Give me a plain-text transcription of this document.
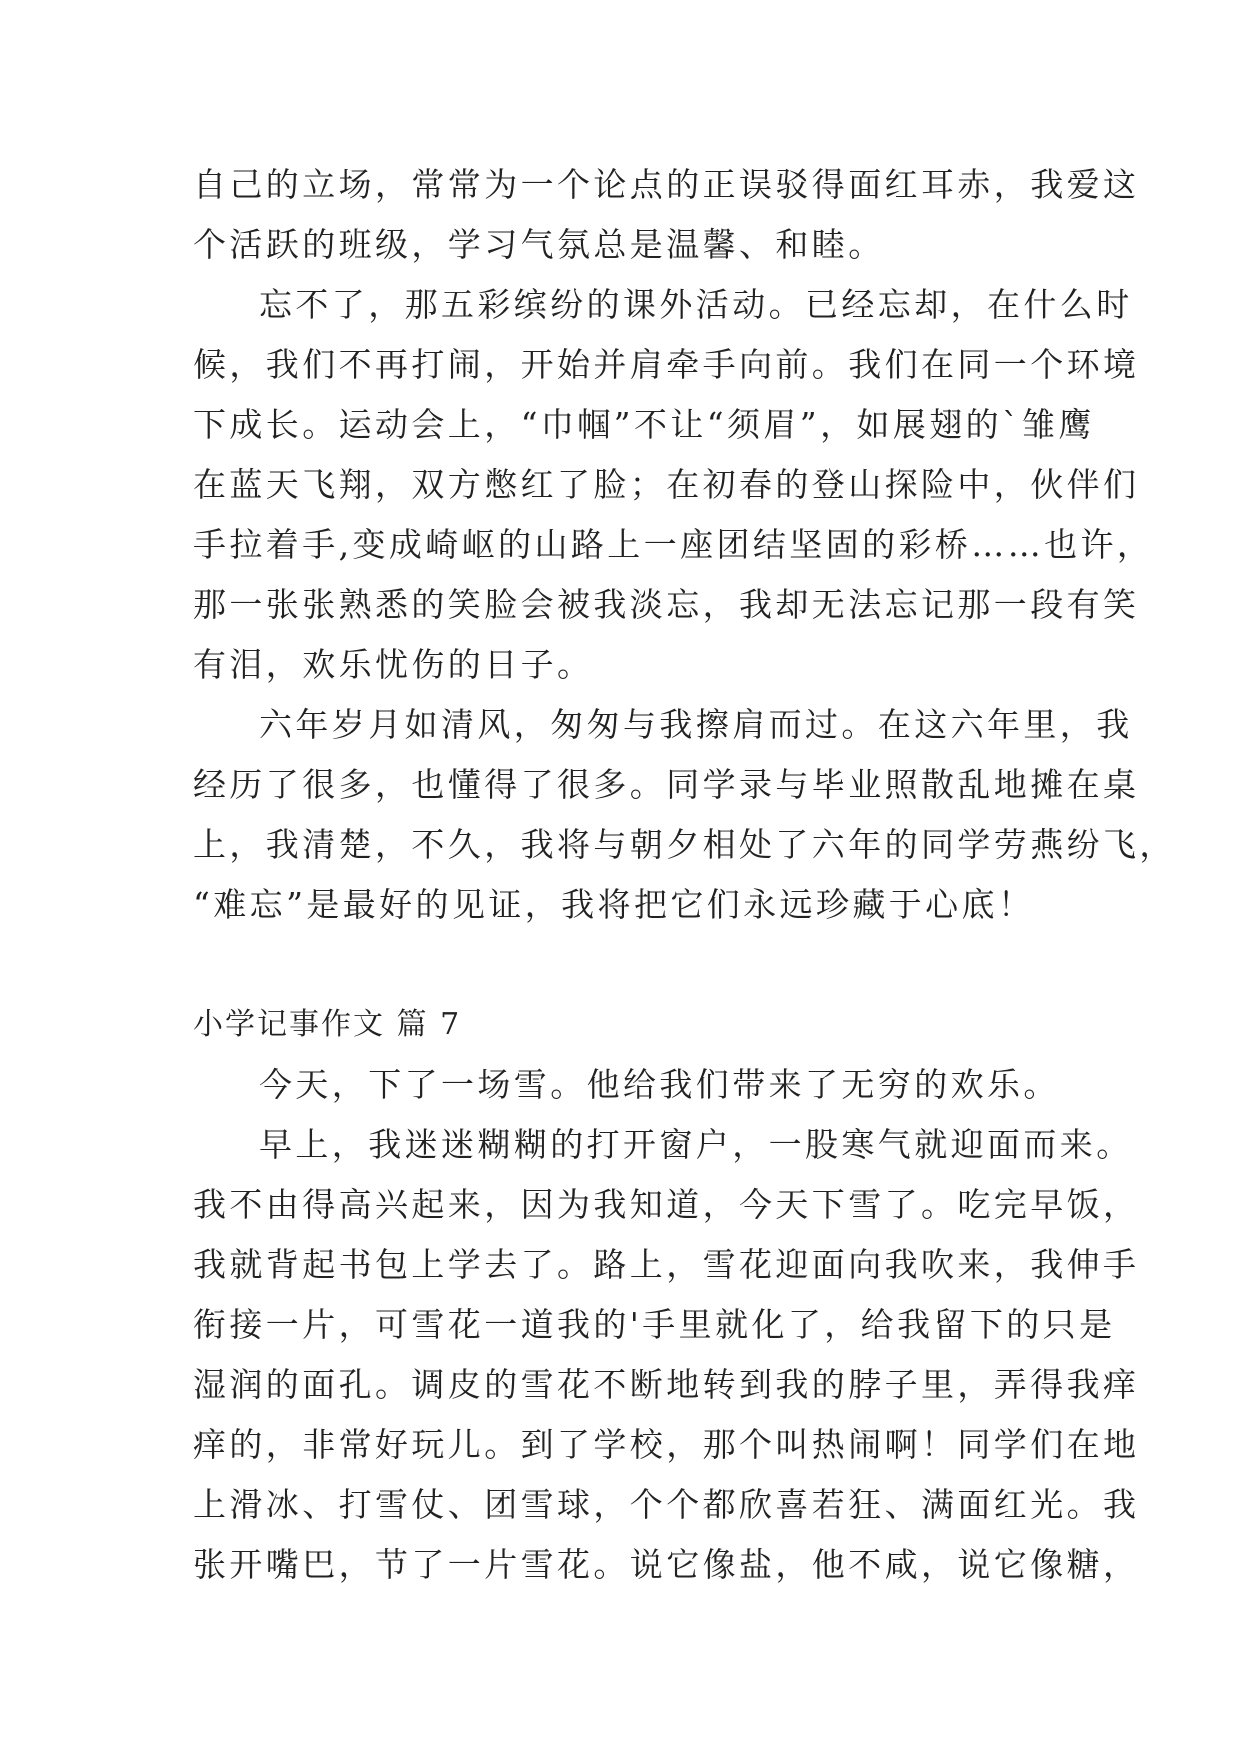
自己的立场，常常为一个论点的正误驳得面红耳赤，我爱这
个活跃的班级，学习气氛总是温馨、和睦。
忘不了，那五彩缤纷的课外活动。已经忘却，在什么时
候，我们不再打闹，开始并肩牵手向前。我们在同一个环境
下成长。运动会上，“巾帼”不让“须眉”，如展翅的`雏鹰
在蓝天飞翔，双方憋红了脸；在初春的登山探险中，伙伴们
手拉着手,变成崎岖的山路上一座团结坚固的彩桥……也许，
那一张张熟悉的笑脸会被我淡忘，我却无法忘记那一段有笑
有泪，欢乐忧伤的日子。
六年岁月如清风，匆匆与我擦肩而过。在这六年里，我
经历了很多，也懂得了很多。同学录与毕业照散乱地摊在桌
上，我清楚，不久，我将与朝夕相处了六年的同学劳燕纷飞，
“难忘”是最好的见证，我将把它们永远珍藏于心底！
小学记事作文 篇 7
今天，下了一场雪。他给我们带来了无穷的欢乐。
早上，我迷迷糊糊的打开窗户，一股寒气就迎面而来。
我不由得高兴起来，因为我知道，今天下雪了。吃完早饭，
我就背起书包上学去了。路上，雪花迎面向我吹来，我伸手
衔接一片，可雪花一道我的'手里就化了，给我留下的只是
湿润的面孔。调皮的雪花不断地转到我的脖子里，弄得我痒
痒的，非常好玩儿。到了学校，那个叫热闹啊！同学们在地
上滑冰、打雪仗、团雪球，个个都欣喜若狂、满面红光。我
张开嘴巴，节了一片雪花。说它像盐，他不咸，说它像糖，
